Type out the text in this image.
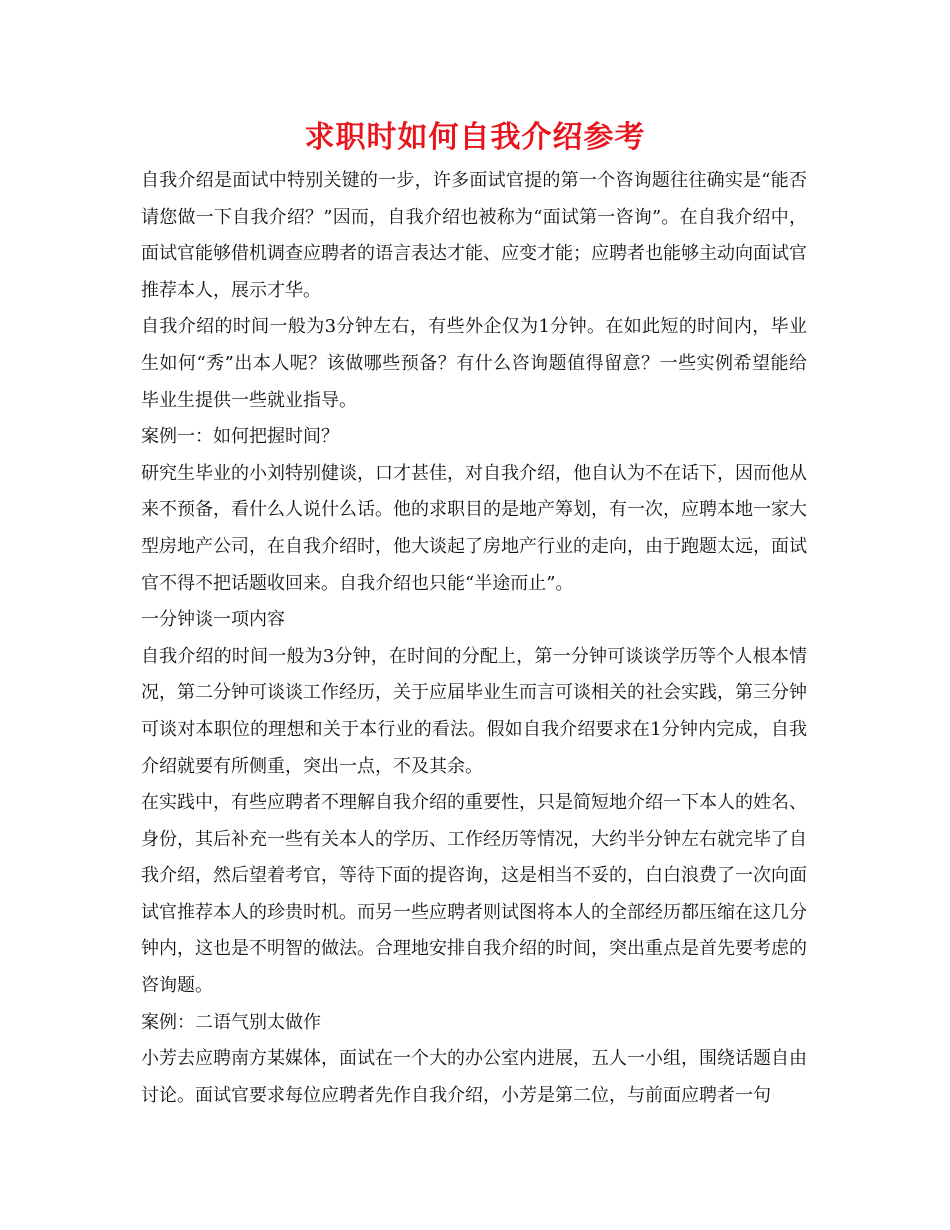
求职时如何自我介绍参考

自我介绍是面试中特别关键的一步，许多面试官提的第一个咨询题往往确实是“能否请您做一下自我介绍？”因而，自我介绍也被称为“面试第一咨询”。在自我介绍中，面试官能够借机调查应聘者的语言表达才能、应变才能；应聘者也能够主动向面试官推荐本人，展示才华。

自我介绍的时间一般为3分钟左右，有些外企仅为1分钟。在如此短的时间内，毕业生如何“秀”出本人呢？该做哪些预备？有什么咨询题值得留意？一些实例希望能给毕业生提供一些就业指导。

案例一：如何把握时间？

研究生毕业的小刘特别健谈，口才甚佳，对自我介绍，他自认为不在话下，因而他从来不预备，看什么人说什么话。他的求职目的是地产筹划，有一次，应聘本地一家大型房地产公司，在自我介绍时，他大谈起了房地产行业的走向，由于跑题太远，面试官不得不把话题收回来。自我介绍也只能“半途而止”。

一分钟谈一项内容

自我介绍的时间一般为3分钟，在时间的分配上，第一分钟可谈谈学历等个人根本情况，第二分钟可谈谈工作经历，关于应届毕业生而言可谈相关的社会实践，第三分钟可谈对本职位的理想和关于本行业的看法。假如自我介绍要求在1分钟内完成，自我介绍就要有所侧重，突出一点，不及其余。

在实践中，有些应聘者不理解自我介绍的重要性，只是简短地介绍一下本人的姓名、身份，其后补充一些有关本人的学历、工作经历等情况，大约半分钟左右就完毕了自我介绍，然后望着考官，等待下面的提咨询，这是相当不妥的，白白浪费了一次向面试官推荐本人的珍贵时机。而另一些应聘者则试图将本人的全部经历都压缩在这几分钟内，这也是不明智的做法。合理地安排自我介绍的时间，突出重点是首先要考虑的咨询题。

案例：二语气别太做作

小芳去应聘南方某媒体，面试在一个大的办公室内进展，五人一小组，围绕话题自由讨论。面试官要求每位应聘者先作自我介绍，小芳是第二位，与前面应聘者一句
